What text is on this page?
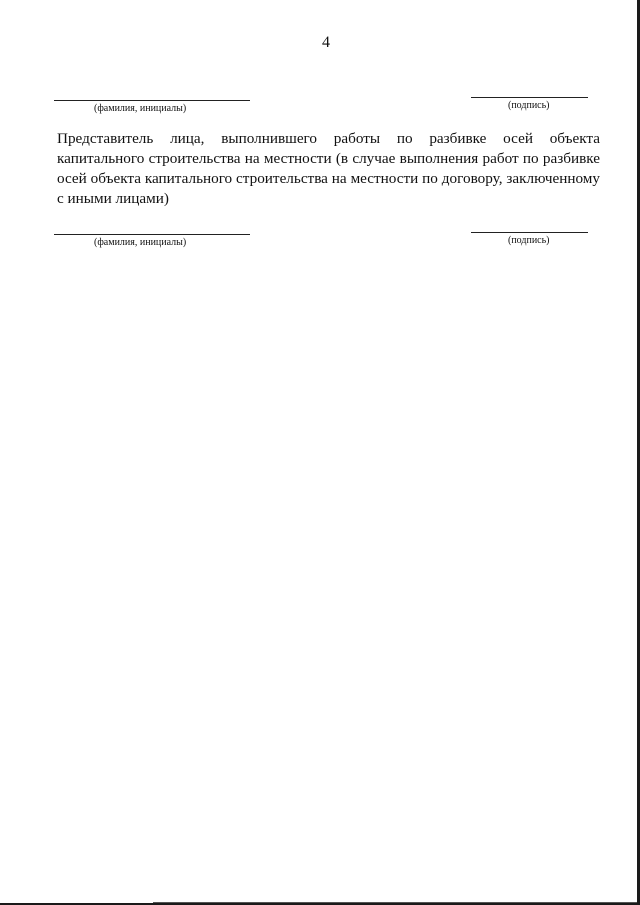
4
(фамилия, инициалы)	(подпись)
Представитель лица, выполнившего работы по разбивке осей объекта капитального строительства на местности (в случае выполнения работ по разбивке осей объекта капитального строительства на местности по договору, заключенному с иными лицами)
(фамилия, инициалы)	(подпись)
